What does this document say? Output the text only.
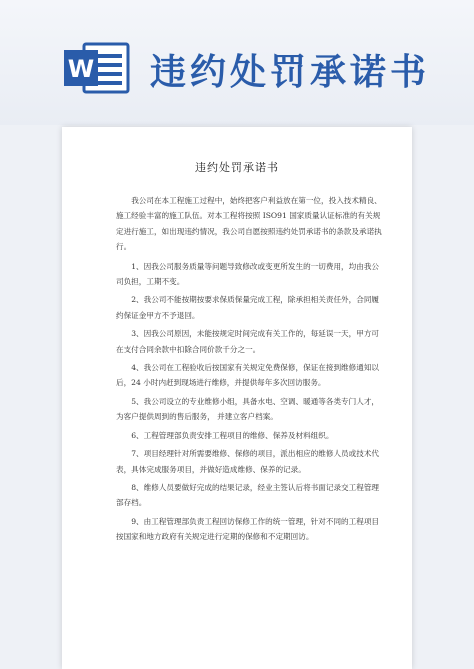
W 违约处罚承诺书
违约处罚承诺书

我公司在本工程施工过程中，始终把客户利益放在第一位，投入技术精良、施工经验丰富的施工队伍。对本工程将按照 ISO91 国家质量认证标准的有关规定进行施工，如出现违约情况，我公司自愿按照违约处罚承诺书的条款及承诺执行。

1、因我公司服务质量等问题导致修改或变更所发生的一切费用，均由我公司负担，工期不变。

2、我公司不能按期按要求保质保量完成工程，除承担相关责任外，合同履约保证金甲方不予退回。

3、因我公司原因，未能按规定时间完成有关工作的，每延误一天，甲方可在支付合同余款中扣除合同价款千分之一。

4、我公司在工程验收后按国家有关规定免费保修，保证在接到维修通知以后，24 小时内赶到现场进行维修，并提供每年多次回访服务。

5、我公司设立的专业维修小组，具备水电、空调、暖通等各类专门人才，为客户提供周到的售后服务， 并建立客户档案。

6、工程管理部负责安排工程项目的维修、保养及材料组织。

7、项目经理针对所需要维修、保修的项目，派出相应的维修人员或技术代表，具体完成服务项目，并做好造成维修、保养的记录。

8、维修人员要做好完成的结果记录，经业主签认后将书面记录交工程管理部存档。

9、由工程管理部负责工程回访保修工作的统一管理，针对不同的工程项目按国家和地方政府有关规定进行定期的保修和不定期回访。
